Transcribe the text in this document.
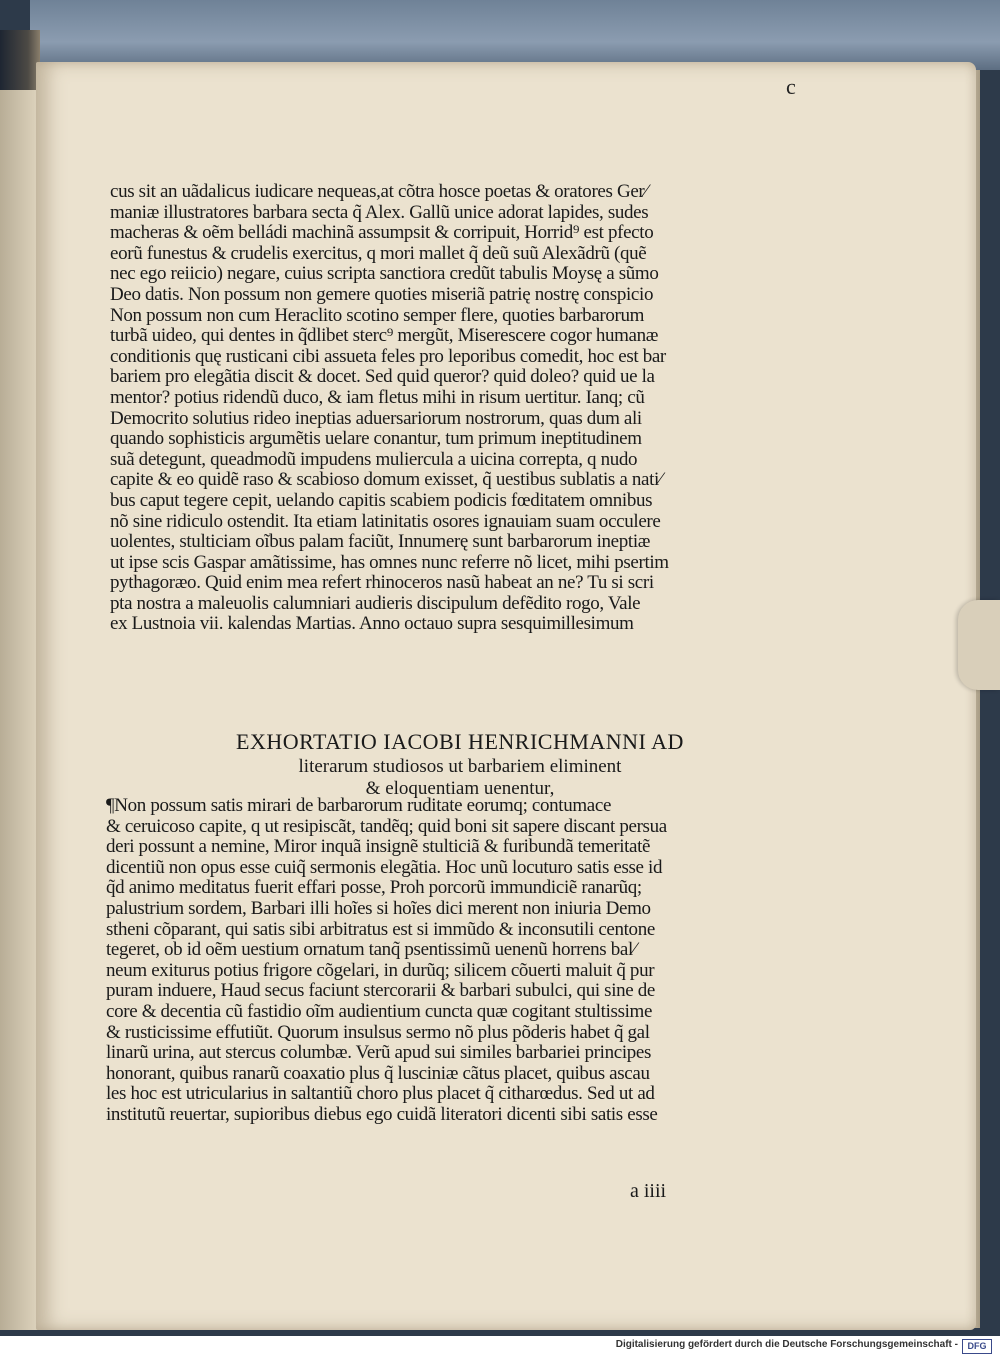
c
cus sit an uãdalicus iudicare nequeas,at cõtra hosce poetas & oratores Ger⁄
maniæ illustratores barbara secta q̃ Alex. Gallũ unice adorat lapides, sudes
macheras & oẽm belládi machinã assumpsit & corripuit, Horrid⁹ est pfecto
eorũ funestus & crudelis exercitus, q mori mallet q̃ deũ suũ Alexãdrũ (quẽ
nec ego reiicio) negare, cuius scripta sanctiora credũt tabulis Moysę a sũmo
Deo datis. Non possum non gemere quoties miseriã patrię nostrę conspicio
Non possum non cum Heraclito scotino semper flere, quoties barbarorum
turbã uideo, qui dentes in q̃dlibet sterc⁹ mergũt, Miserescere cogor humanæ
conditionis quę rusticani cibi assueta feles pro leporibus comedit, hoc est bar
bariem pro elegãtia discit & docet. Sed quid queror? quid doleo? quid ue la
mentor? potius ridendũ duco, & iam fletus mihi in risum uertitur. Ianq; cũ
Democrito solutius rideo ineptias aduersariorum nostrorum, quas dum ali
quando sophisticis argumẽtis uelare conantur, tum primum ineptitudinem
suã detegunt, queadmodũ impudens muliercula a uicina correpta, q nudo
capite & eo quidẽ raso & scabioso domum exisset, q̃ uestibus sublatis a nati⁄
bus caput tegere cepit, uelando capitis scabiem podicis fœditatem omnibus
nõ sine ridiculo ostendit. Ita etiam latinitatis osores ignauiam suam occulere
uolentes, stulticiam oĩbus palam faciũt, Innumerę sunt barbarorum ineptiæ
ut ipse scis Gaspar amãtissime, has omnes nunc referre nõ licet, mihi psertim
pythagoræo. Quid enim mea refert rhinoceros nasũ habeat an ne? Tu si scri
pta nostra a maleuolis calumniari audieris discipulum defẽdito rogo, Vale
ex Lustnoia vii. kalendas Martias. Anno octauo supra sesquimillesimum
EXHORTATIO IACOBI HENRICHMANNI AD
literarum studiosos ut barbariem eliminent
& eloquentiam uenentur,
¶Non possum satis mirari de barbarorum ruditate eorumq; contumace
& ceruicoso capite, q ut resipiscãt, tandẽq; quid boni sit sapere discant persua
deri possunt a nemine, Miror inquã insignẽ stulticiã & furibundã temeritatẽ
dicentiũ non opus esse cuiq̃ sermonis elegãtia. Hoc unũ locuturo satis esse id
q̃d animo meditatus fuerit effari posse, Proh porcorũ immundiciẽ ranarũq;
palustrium sordem, Barbari illi hoĩes si hoĩes dici merent non iniuria Demo
stheni cõparant, qui satis sibi arbitratus est si immũdo & inconsutili centone
tegeret, ob id oẽm uestium ornatum tanq̃ psentissimũ uenenũ horrens bal⁄
neum exiturus potius frigore cõgelari, in durũq; silicem cõuerti maluit q̃ pur
puram induere, Haud secus faciunt stercorarii & barbari subulci, qui sine de
core & decentia cũ fastidio oĩm audientium cuncta quæ cogitant stultissime
& rusticissime effutiũt. Quorum insulsus sermo nõ plus põderis habet q̃ gal
linarũ urina, aut stercus columbæ. Verũ apud sui similes barbariei principes
honorant, quibus ranarũ coaxatio plus q̃ lusciniæ cãtus placet, quibus ascau
les hoc est utricularius in saltantiũ choro plus placet q̃ citharœdus. Sed ut ad
institutũ reuertar, supioribus diebus ego cuidã literatori dicenti sibi satis esse
a iiii
Digitalisierung gefördert durch die Deutsche Forschungsgemeinschaft -	DFG
